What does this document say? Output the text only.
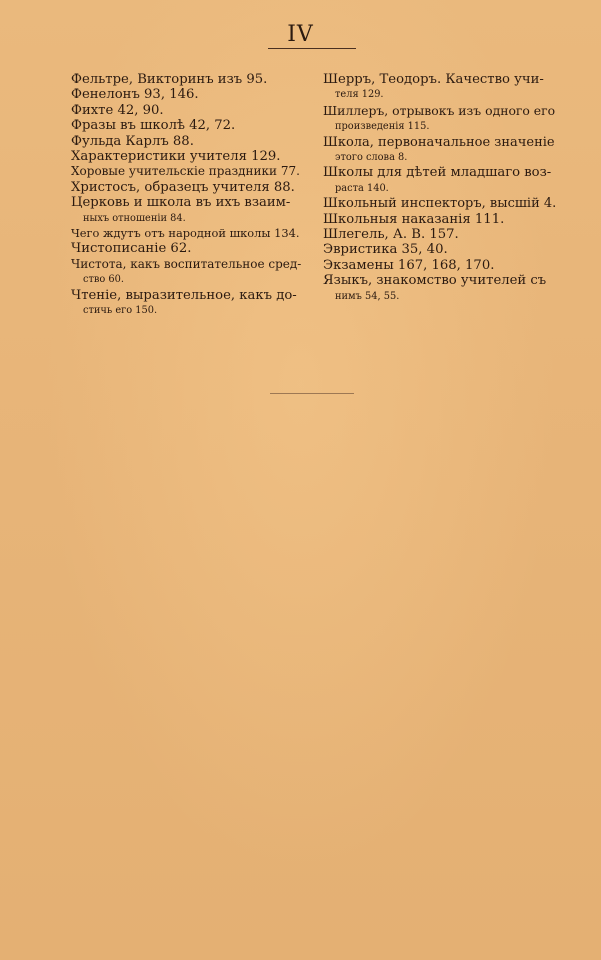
IV

Фельтре, Викторинъ изъ 95.

Фенелонъ 93, 146.

Фихте 42, 90.

Фразы въ школѣ 42, 72.

Фульда Карлъ 88.

Характеристики учителя 129.

Хоровые учительскіе праздники 77.

Христосъ, образецъ учителя 88.

Церковь и школа въ ихъ взаим-
ныхъ отношеніи 84.

Чего ждутъ отъ народной школы 134.

Чистописаніе 62.

Чистота, какъ воспитательное сред-
ство 60.

Чтеніе, выразительное, какъ до-
стичь его 150.

Шерръ, Теодоръ. Качество учи-
теля 129.

Шиллеръ, отрывокъ изъ одного его
произведенія 115.

Школа, первоначальное значеніе
этого слова 8.

Школы для дѣтей младшаго воз-
раста 140.

Школьный инспекторъ, высшій 4.

Школьныя наказанія 111.

Шлегель, А. В. 157.

Эвристика 35, 40.

Экзамены 167, 168, 170.

Языкъ, знакомство учителей съ
нимъ 54, 55.
